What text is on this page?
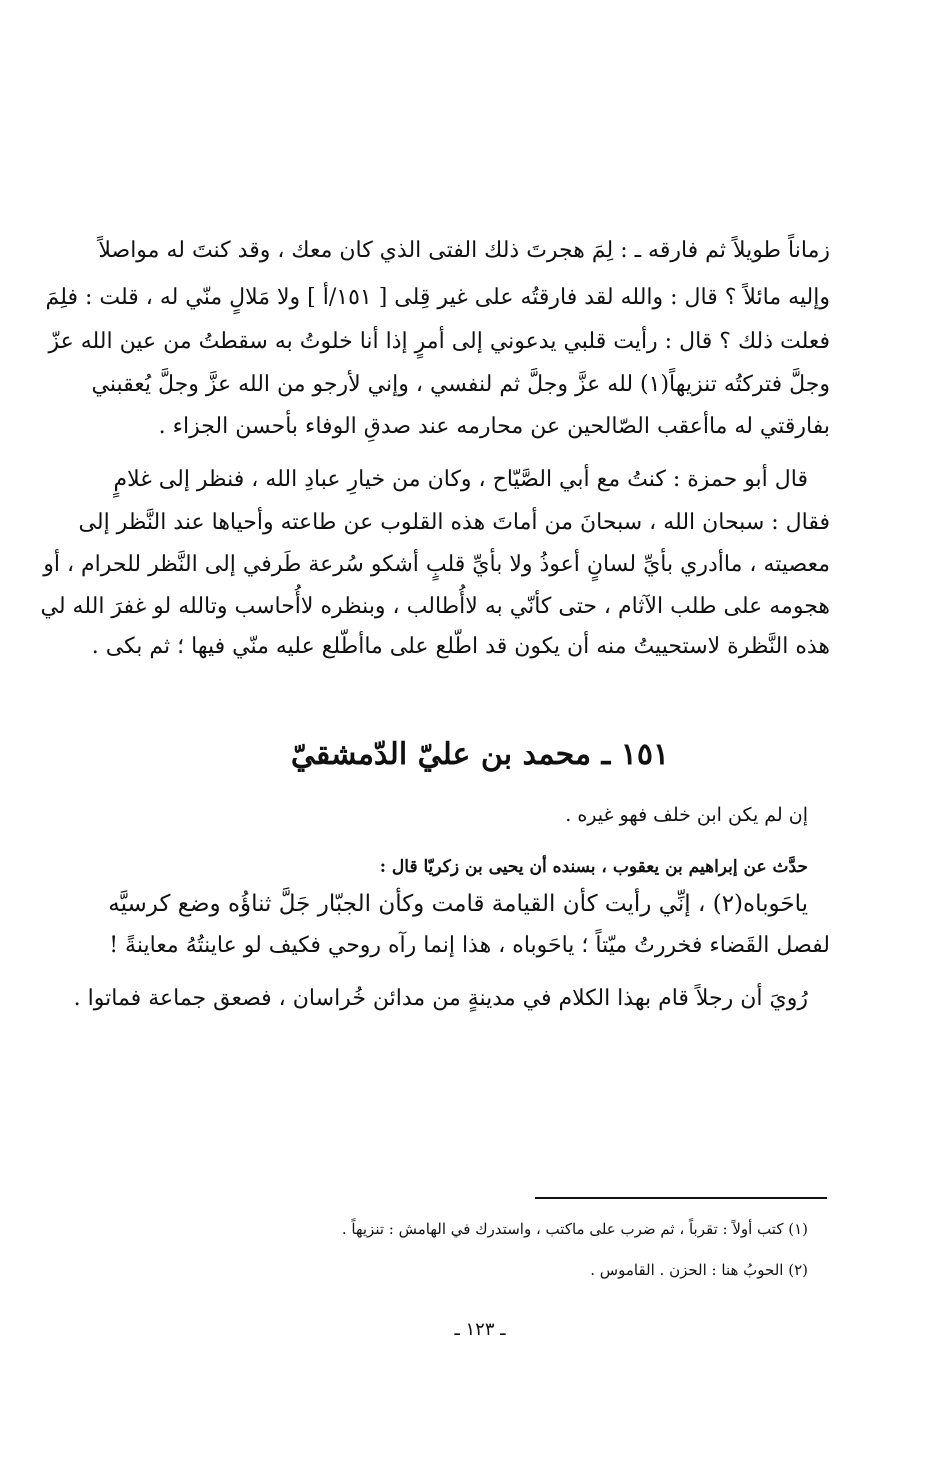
زماناً طويلاً ثم فارقه ـ : لِمَ هجرتَ ذلك الفتى الذي كان معك ، وقد كنتَ له مواصلاً
وإليه مائلاً ؟ قال : والله لقد فارقتُه على غير قِلى [ ١٥١/أ ] ولا مَلالٍ منّي له ، قلت : فلِمَ
فعلت ذلك ؟ قال : رأيت قلبي يدعوني إلى أمرٍ إذا أنا خلوتُ به سقطتُ من عين الله عزّ
وجلَّ فتركتُه تنزيهاً(١) لله عزَّ وجلَّ ثم لنفسي ، وإني لأرجو من الله عزَّ وجلَّ يُعقبني
بفارقتي له ماأعقب الصّالحين عن محارمه عند صدقِ الوفاء بأحسن الجزاء .
قال أبو حمزة : كنتُ مع أبي الصَّيّاح ، وكان من خيارِ عبادِ الله ، فنظر إلى غلامٍ
فقال : سبحان الله ، سبحانَ من أماتَ هذه القلوب عن طاعته وأحياها عند النَّظر إلى
معصيته ، ماأدري بأيِّ لسانٍ أعوذُ ولا بأيِّ قلبٍ أشكو سُرعة طَرفي إلى النَّظر للحرام ، أو
هجومه على طلب الآثام ، حتى كأنّي به لاأُطالب ، وبنظره لاأُحاسب وتالله لو غفرَ الله لي
هذه النَّظرة لاستحييتُ منه أن يكون قد اطّلع على ماأطّلع عليه منّي فيها ؛ ثم بكى .
١٥١ ـ محمد بن عليّ الدّمشقيّ
إن لم يكن ابن خلف فهو غيره .
حدَّث عن إبراهيم بن يعقوب ، بسنده أن يحيى بن زكريّا قال :
ياحَوباه(٢) ، إنِّي رأيت كأن القيامة قامت وكأن الجبّار جَلَّ ثناؤُه وضع كرسيَّه
لفصل القَضاء فخررتُ ميّتاً ؛ ياحَوباه ، هذا إنما رآه روحي فكيف لو عاينتُهُ معاينةً !
رُويَ أن رجلاً قام بهذا الكلام في مدينةٍ من مدائن خُراسان ، فصعق جماعة فماتوا .
(١) كتب أولاً : تقرباً ، ثم ضرب على ماكتب ، واستدرك في الهامش : تنزيهاً .
(٢) الحوبُ هنا : الحزن . القاموس .
ـ ١٢٣ ـ
